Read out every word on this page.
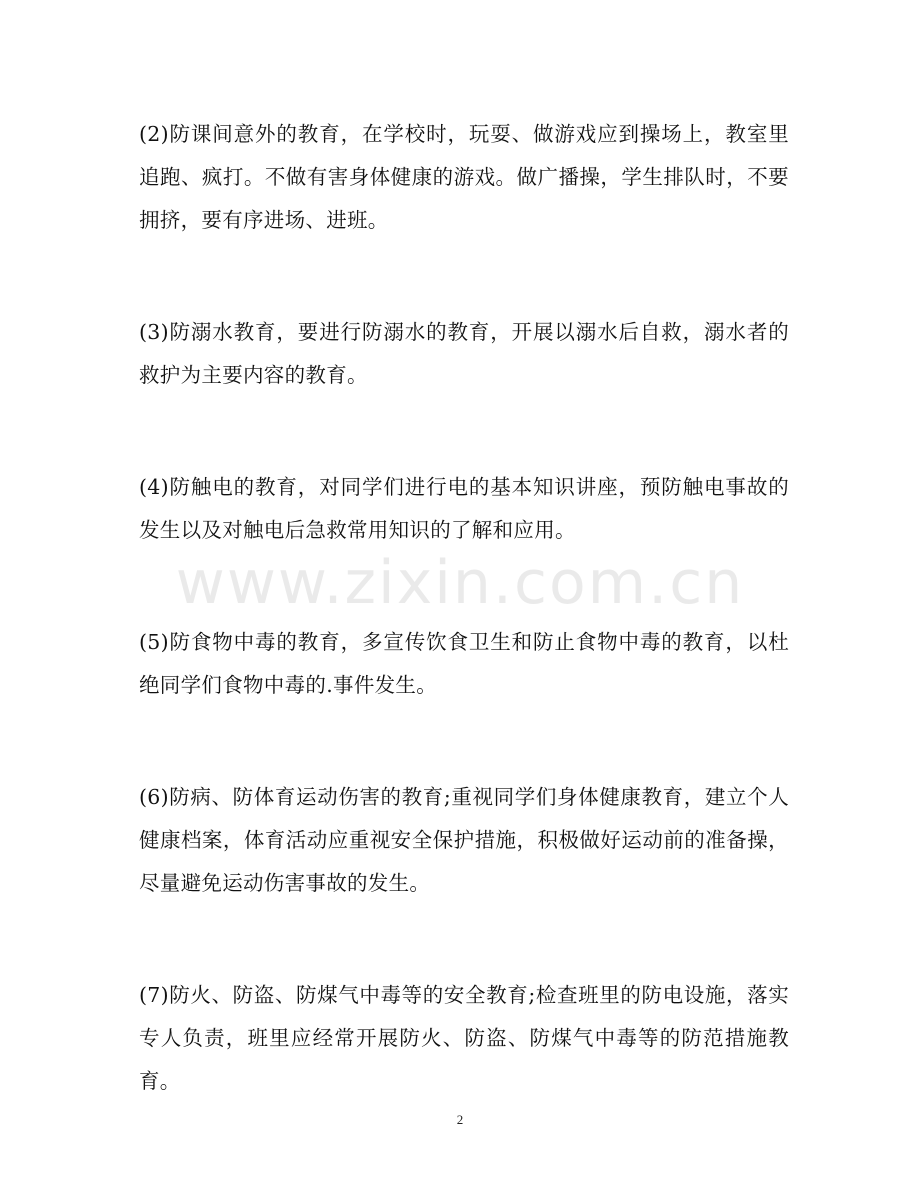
(2)防课间意外的教育，在学校时，玩耍、做游戏应到操场上，教室里追跑、疯打。不做有害身体健康的游戏。做广播操，学生排队时，不要拥挤，要有序进场、进班。

(3)防溺水教育，要进行防溺水的教育，开展以溺水后自救，溺水者的救护为主要内容的教育。

(4)防触电的教育，对同学们进行电的基本知识讲座，预防触电事故的发生以及对触电后急救常用知识的了解和应用。

(5)防食物中毒的教育，多宣传饮食卫生和防止食物中毒的教育，以杜绝同学们食物中毒的.事件发生。

(6)防病、防体育运动伤害的教育;重视同学们身体健康教育，建立个人健康档案，体育活动应重视安全保护措施，积极做好运动前的准备操，尽量避免运动伤害事故的发生。

(7)防火、防盗、防煤气中毒等的安全教育;检查班里的防电设施，落实专人负责，班里应经常开展防火、防盗、防煤气中毒等的防范措施教育。

www.zixin.com.cn
2
